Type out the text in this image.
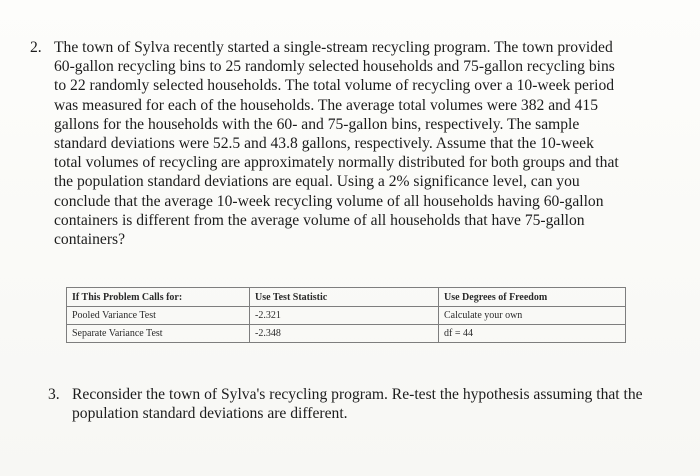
2. The town of Sylva recently started a single-stream recycling program. The town provided
60-gallon recycling bins to 25 randomly selected households and 75-gallon recycling bins
to 22 randomly selected households. The total volume of recycling over a 10-week period
was measured for each of the households. The average total volumes were 382 and 415
gallons for the households with the 60- and 75-gallon bins, respectively. The sample
standard deviations were 52.5 and 43.8 gallons, respectively. Assume that the 10-week
total volumes of recycling are approximately normally distributed for both groups and that
the population standard deviations are equal. Using a 2% significance level, can you
conclude that the average 10-week recycling volume of all households having 60-gallon
containers is different from the average volume of all households that have 75-gallon
containers?
If This Problem Calls for:	Use Test Statistic	Use Degrees of Freedom
Pooled Variance Test	-2.321	Calculate your own
Separate Variance Test	-2.348	df = 44
3. Reconsider the town of Sylva's recycling program. Re-test the hypothesis assuming that the
population standard deviations are different.
